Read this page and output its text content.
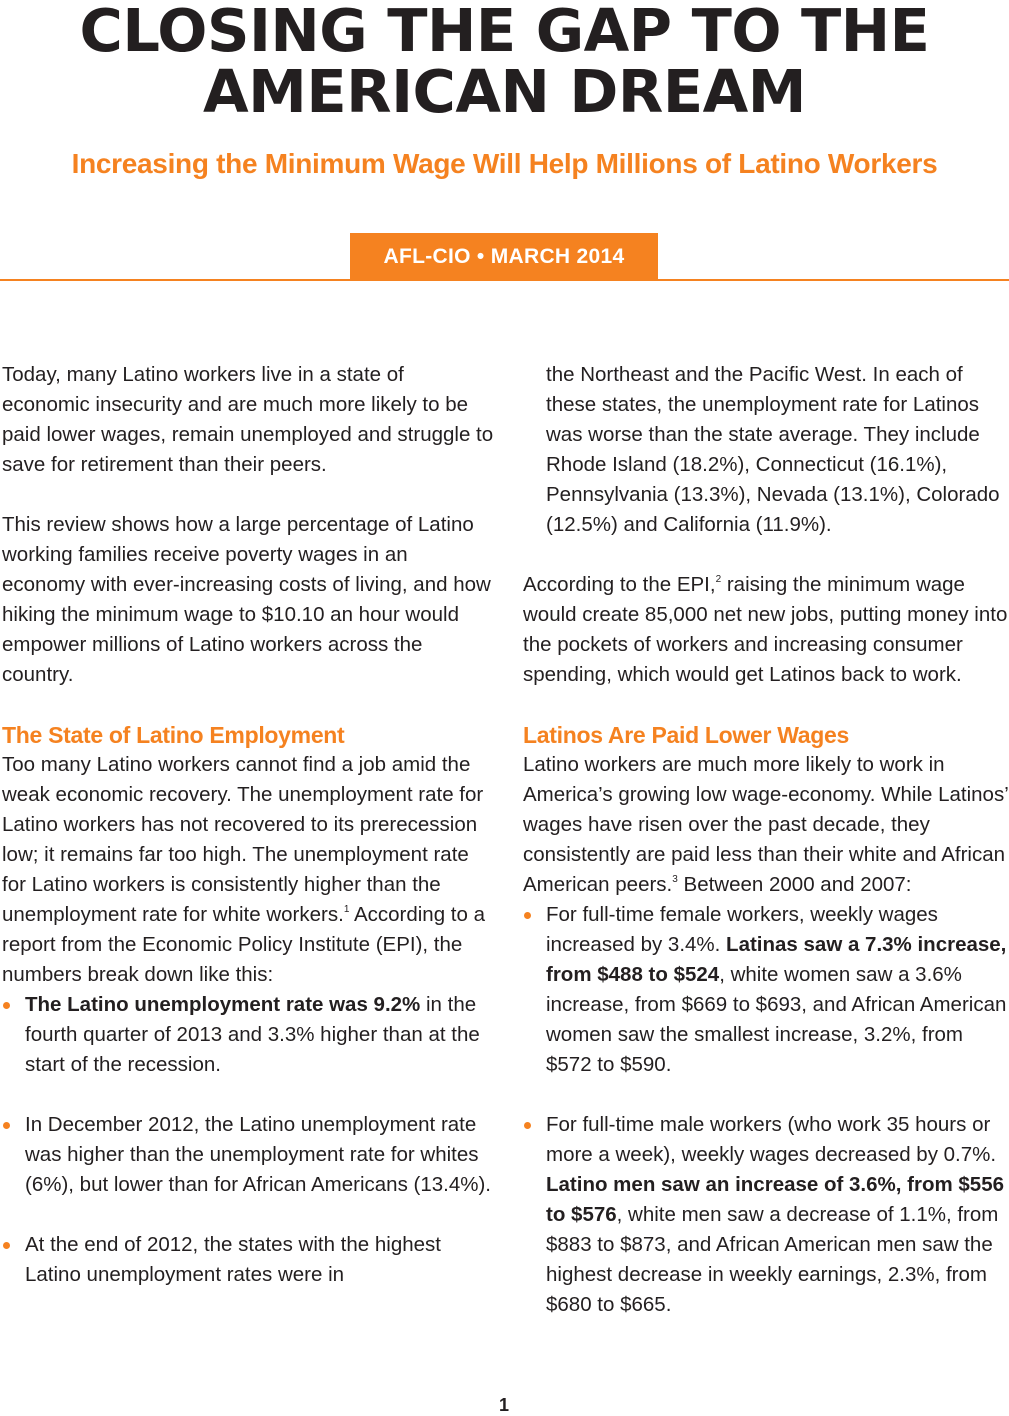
CLOSING THE GAP TO THE
AMERICAN DREAM
Increasing the Minimum Wage Will Help Millions of Latino Workers
AFL-CIO • MARCH 2014

Today, many Latino workers live in a state of economic insecurity and are much more likely to be paid lower wages, remain unemployed and struggle to save for retirement than their peers.

This review shows how a large percentage of Latino working families receive poverty wages in an economy with ever-increasing costs of living, and how hiking the minimum wage to $10.10 an hour would empower millions of Latino workers across the country.

The State of Latino Employment

Too many Latino workers cannot find a job amid the weak economic recovery. The unemployment rate for Latino workers has not recovered to its prerecession low; it remains far too high. The unemployment rate for Latino workers is consistently higher than the unemployment rate for white workers.$^1$ According to a report from the Economic Policy Institute (EPI), the numbers break down like this:

The Latino unemployment rate was 9.2% in the fourth quarter of 2013 and 3.3% higher than at the start of the recession.
In December 2012, the Latino unemployment rate was higher than the unemployment rate for whites (6%), but lower than for African Americans (13.4%).
At the end of 2012, the states with the highest Latino unemployment rates were in

the Northeast and the Pacific West. In each of these states, the unemployment rate for Latinos was worse than the state average. They include Rhode Island (18.2%), Connecticut (16.1%), Pennsylvania (13.3%), Nevada (13.1%), Colorado (12.5%) and California (11.9%).

According to the EPI,$^2$ raising the minimum wage would create 85,000 net new jobs, putting money into the pockets of workers and increasing consumer spending, which would get Latinos back to work.

Latinos Are Paid Lower Wages

Latino workers are much more likely to work in America’s growing low wage-economy. While Latinos’ wages have risen over the past decade, they consistently are paid less than their white and African American peers.$^3$ Between 2000 and 2007:

For full-time female workers, weekly wages increased by 3.4%. Latinas saw a 7.3% increase, from $488 to $524, white women saw a 3.6% increase, from $669 to $693, and African American women saw the smallest increase, 3.2%, from $572 to $590.
For full-time male workers (who work 35 hours or more a week), weekly wages decreased by 0.7%. Latino men saw an increase of 3.6%, from $556 to $576, white men saw a decrease of 1.1%, from $883 to $873, and African American men saw the highest decrease in weekly earnings, 2.3%, from $680 to $665.
1
